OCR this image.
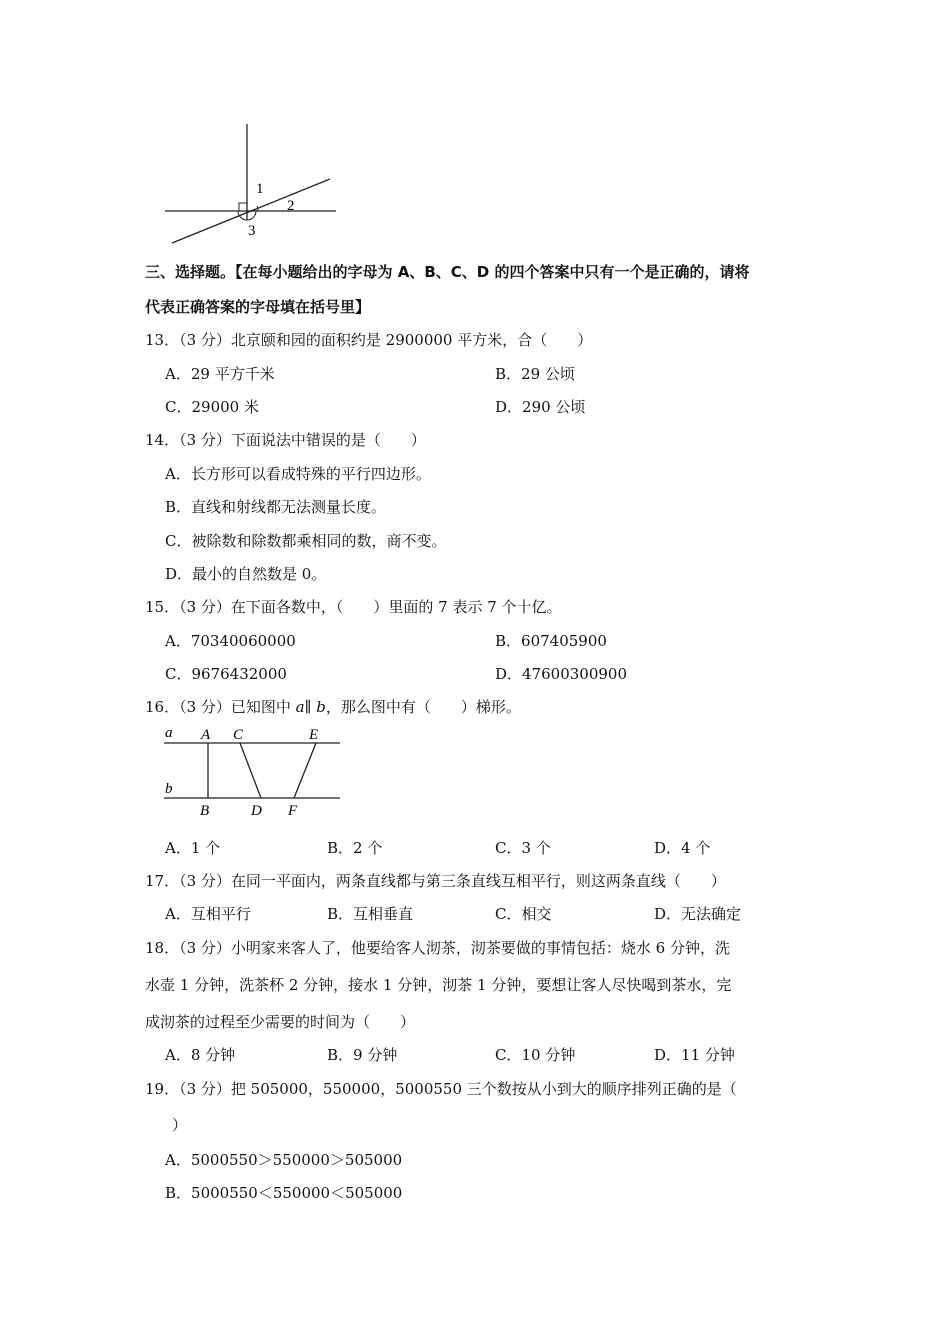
1
2
3
三、选择题。【在每小题给出的字母为 A、B、C、D 的四个答案中只有一个是正确的，请将
代表正确答案的字母填在括号里】
13．（3 分）北京颐和园的面积约是 2900000 平方米，合（　　）
A．29 平方千米	B．29 公顷
C．29000 米	D．290 公顷
14．（3 分）下面说法中错误的是（　　）
A．长方形可以看成特殊的平行四边形。
B．直线和射线都无法测量长度。
C．被除数和除数都乘相同的数，商不变。
D．最小的自然数是 0。
15．（3 分）在下面各数中，（　　）里面的 7 表示 7 个十亿。
A．70340060000	B．607405900
C．9676432000	D．47600300900
16．（3 分）已知图中 a∥ b，那么图中有（　　）梯形。
a
b
A C	E
B	D F
A．1 个	B．2 个	C．3 个	D．4 个
17．（3 分）在同一平面内，两条直线都与第三条直线互相平行，则这两条直线（　　）
A．互相平行	B．互相垂直	C．相交	D．无法确定
18．（3 分）小明家来客人了，他要给客人沏茶，沏茶要做的事情包括：烧水 6 分钟，洗
水壶 1 分钟，洗茶杯 2 分钟，接水 1 分钟，沏茶 1 分钟，要想让客人尽快喝到茶水，完
成沏茶的过程至少需要的时间为（　　）
A．8 分钟	B．9 分钟	C．10 分钟	D．11 分钟
19．（3 分）把 505000，550000，5000550 三个数按从小到大的顺序排列正确的是（
）
A．5000550＞550000＞505000
B．5000550＜550000＜505000
